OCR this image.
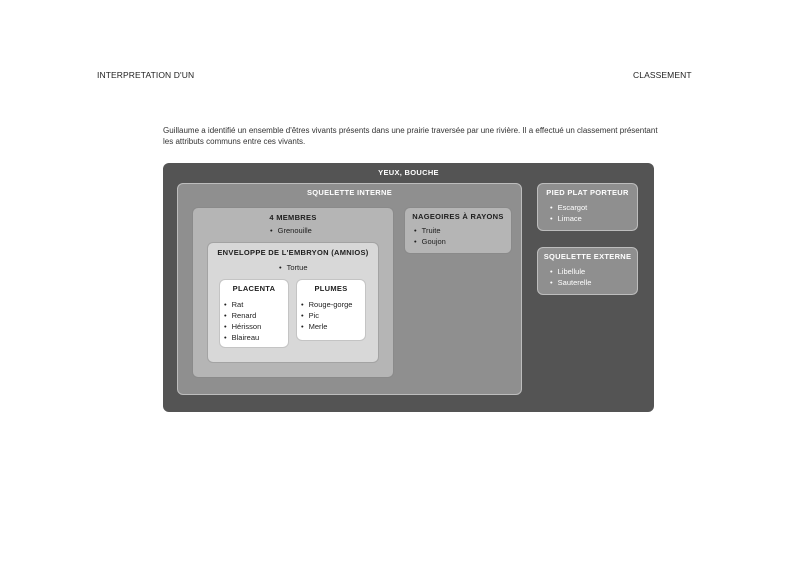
INTERPRETATION D'UN	CLASSEMENT
Guillaume a identifié un ensemble d'êtres vivants présents dans une prairie traversée par une rivière. Il a effectué un classement présentant les attributs communs entre ces vivants.
YEUX, BOUCHE
SQUELETTE INTERNE
4 MEMBRES
• Grenouille
ENVELOPPE DE L'EMBRYON (AMNIOS)
• Tortue
PLACENTA
• Rat
• Renard
• Hérisson
• Blaireau
PLUMES
• Rouge-gorge
• Pic
• Merle
NAGEOIRES À RAYONS
• Truite
• Goujon
PIED PLAT PORTEUR
• Escargot
• Limace
SQUELETTE EXTERNE
• Libellule
• Sauterelle
